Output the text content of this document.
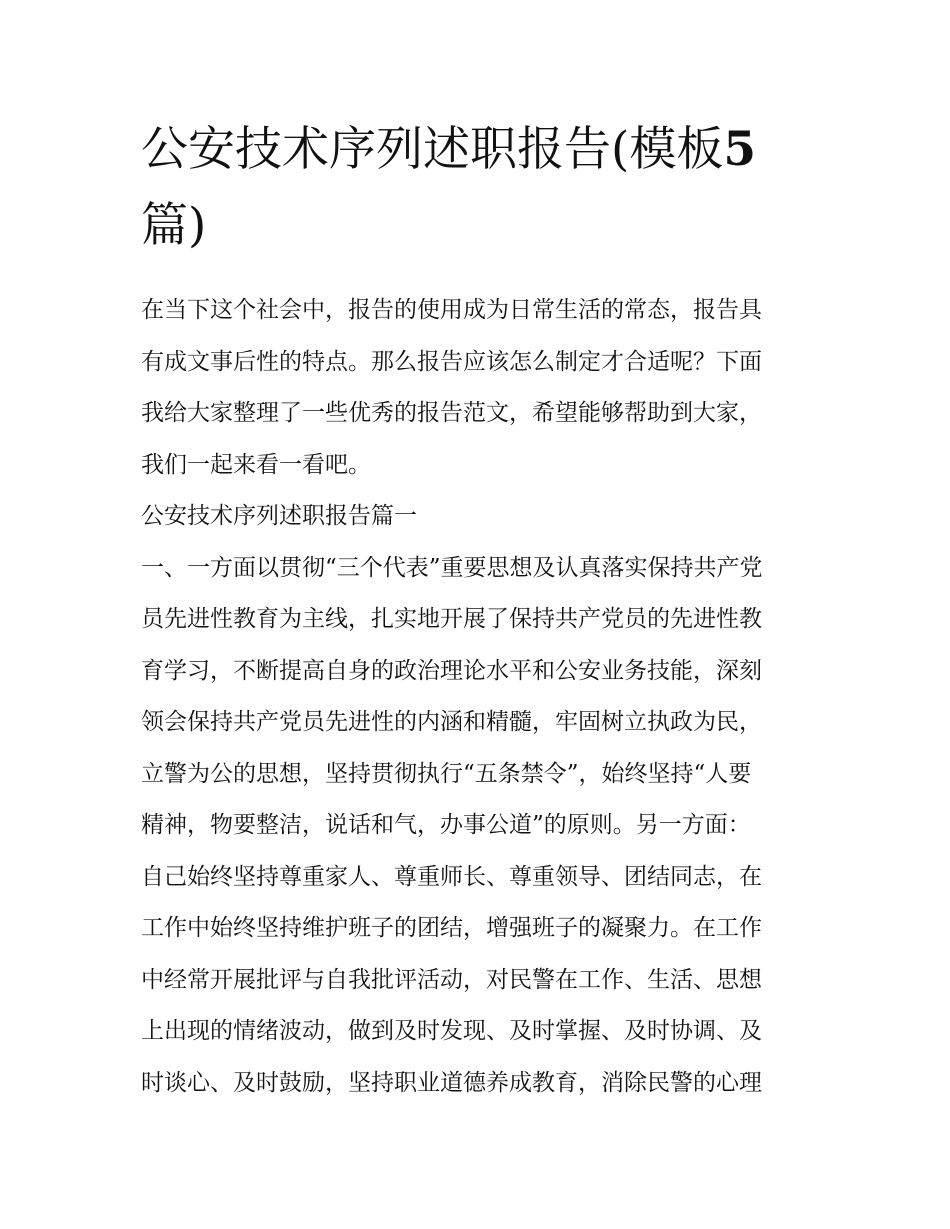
公安技术序列述职报告(模板5
篇)

在当下这个社会中，报告的使用成为日常生活的常态，报告具

有成文事后性的特点。那么报告应该怎么制定才合适呢？下面

我给大家整理了一些优秀的报告范文，希望能够帮助到大家，

我们一起来看一看吧。

公安技术序列述职报告篇一

一、一方面以贯彻“三个代表”重要思想及认真落实保持共产党

员先进性教育为主线，扎实地开展了保持共产党员的先进性教

育学习，不断提高自身的政治理论水平和公安业务技能，深刻

领会保持共产党员先进性的内涵和精髓，牢固树立执政为民，

立警为公的思想，坚持贯彻执行“五条禁令”，始终坚持“人要

精神，物要整洁，说话和气，办事公道”的原则。另一方面：

自己始终坚持尊重家人、尊重师长、尊重领导、团结同志，在

工作中始终坚持维护班子的团结，增强班子的凝聚力。在工作

中经常开展批评与自我批评活动，对民警在工作、生活、思想

上出现的情绪波动，做到及时发现、及时掌握、及时协调、及

时谈心、及时鼓励，坚持职业道德养成教育，消除民警的心理
